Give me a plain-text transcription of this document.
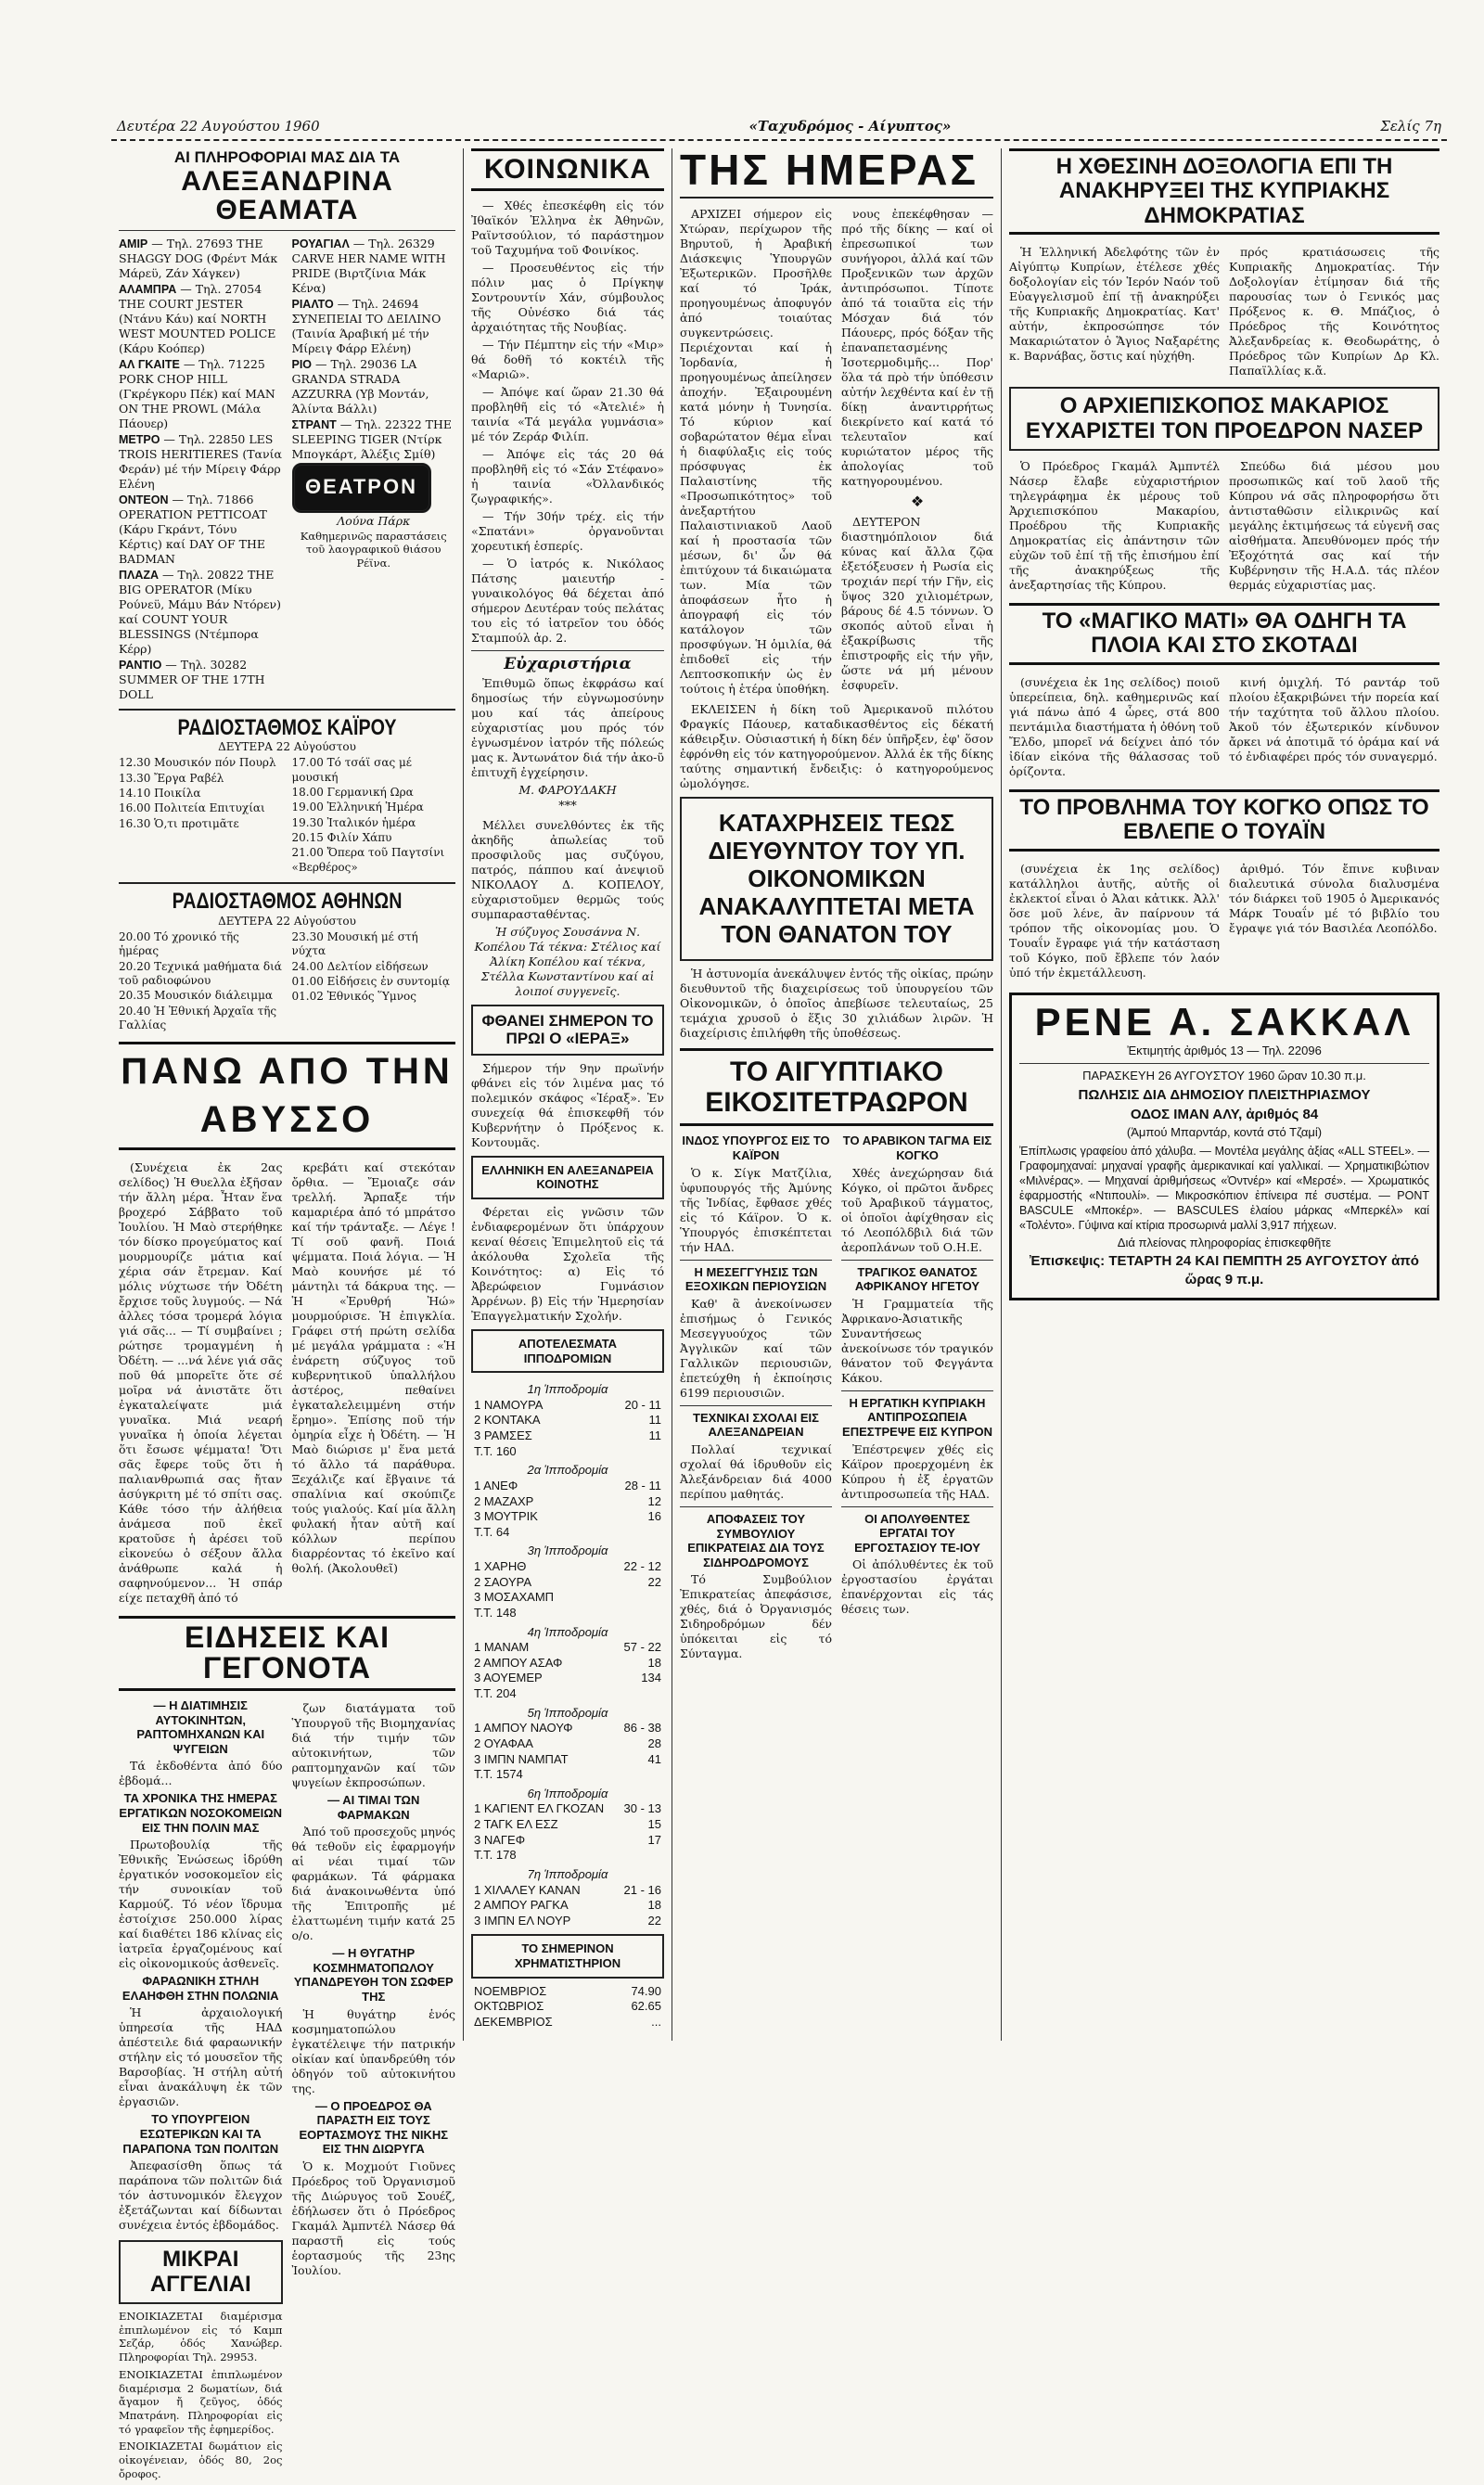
Δευτέρα 22 Αυγούστου 1960	«Ταχυδρόμος - Αίγυπτος»	Σελίς 7η
ΑΙ ΠΛΗΡΟΦΟΡΙΑΙ ΜΑΣ ΔΙΑ ΤΑ
ΑΛΕΞΑΝΔΡΙΝΑ ΘΕΑΜΑΤΑ
ΑΜΙΡ — Τηλ. 27693 THE SHAGGY DOG (Φρέντ Μάκ Μάρεϋ, Ζάν Χάγκεν)
ΑΛΑΜΠΡΑ — Τηλ. 27054 THE COURT JESTER (Ντάνυ Κάυ) καί NORTH WEST MOUNTED POLICE (Κάρυ Κοόπερ)
ΑΛ ΓΚΑΙΤΕ — Τηλ. 71225 PORK CHOP HILL (Γκρέγκορυ Πέκ) καί MAN ON THE PROWL (Μάλα Πάουερ)
ΜΕΤΡΟ — Τηλ. 22850 LES TROIS HERITIERES (Τανία Φεράν) μέ τήν Μίρειγ Φάρρ Ελένη
ΟΝΤΕΟΝ — Τηλ. 71866 OPERATION PETTICOAT (Κάρυ Γκράντ, Τόνυ Κέρτις) καί DAY OF THE BADMAN
ΠΛΑΖΑ — Τηλ. 20822 THE BIG OPERATOR (Μίκυ Ρούνεϋ, Μάμυ Βάν Ντόρεν) καί COUNT YOUR BLESSINGS (Ντέμπορα Κέρρ)
ΡΑΝΤΙΟ — Τηλ. 30282 SUMMER OF THE 17TH DOLL
ΡΟΥΑΓΙΑΛ — Τηλ. 26329 CARVE HER NAME WITH PRIDE (Βιρτζίνια Μάκ Κένα)
ΡΙΑΛΤΟ — Τηλ. 24694 ΣΥΝΕΠΕΙΑΙ ΤΟ ΔΕΙΛΙΝΟ (Ταινία Άραβική μέ τήν Μίρειγ Φάρρ Ελένη)
ΡΙΟ — Τηλ. 29036 LA GRANDA STRADA AZZURRA (Υβ Μοντάν, Άλίντα Βάλλι)
ΣΤΡΑΝΤ — Τηλ. 22322 THE SLEEPING TIGER (Ντίρκ Μπογκάρτ, Άλέξις Σμίθ)
ΘΕΑΤΡΟΝ
Λούνα Πάρκ
Καθημερινῶς παραστάσεις τοῦ λαογραφικοῦ θιάσου Ρέϊνα.
ΡΑΔΙΟΣΤΑΘΜΟΣ ΚΑΪΡΟΥ
ΔΕΥΤΕΡΑ 22 Αὐγούστου
12.30 Μουσικόν πόν Πουρλ
13.30 Ἔργα Ραβέλ
14.10 Ποικίλα
16.00 Πολιτεία Επιτυχίαι
16.30 Ὁ,τι προτιμᾶτε
17.00 Τό τσάϊ σας μέ μουσική
18.00 Γερμανική Ωρα
19.00 Ἑλληνική Ἡμέρα
19.30 Ἰταλικόν ἡμέρα
20.15 Φιλίν Χάπυ
21.00 Ὄπερα τοῦ Παγτσίνι «Βερθέρος»
ΡΑΔΙΟΣΤΑΘΜΟΣ ΑΘΗΝΩΝ
ΔΕΥΤΕΡΑ 22 Αὐγούστου
20.00 Τό χρονικό τῆς ἡμέρας
20.20 Τεχνικά μαθήματα διά τοῦ ραδιοφώνου
20.35 Μουσικόν διάλειμμα
20.40 Ἡ Ἐθνική Ἀρχαῖα τῆς Γαλλίας
23.30 Μουσική μέ στή νύχτα
24.00 Δελτίον εἰδήσεων
01.00 Εἰδήσεις ἐν συντομίᾳ
01.02 Ἐθνικός Ὕμνος
ΠΑΝΩ ΑΠΟ ΤΗΝ ΑΒΥΣΣΟ

(Συνέχεια ἐκ 2ας σελίδος) Ἡ Θυελλα ἐξῆσαν τήν ἄλλη μέρα. Ἦταν ἕνα βροχερό Σάββατο τοῦ Ἰουλίου. Ἡ Μαὸ στερήθηκε τόν δίσκο προγεύματος καί μουρμουρίζε μάτια καί χέρια σάν ἔτρεμαν. Καί μόλις νύχτωσε τήν Ὀδέτη ἔρχισε τοῦς λυγμούς. — Νά ἀλλες τόσα τρομερά λόγια γιά σᾶς... — Τί συμβαίνει ; ρώτησε τρομαγμένη ἡ Ὀδέτη. — ...νά λένε γιά σᾶς ποῦ θά μπορεῖτε ὅτε σέ μοῖρα νά ἀνιστᾶτε ὅτι ἐγκαταλείψατε μιά γυναῖκα. Μιά νεαρή γυναῖκα ἡ ὁποία λέγεται ὅτι ἔσωσε ψέμματα! Ὅτι σᾶς ἔφερε τοῦς ὅτι ἡ παλιανθρωπιά σας ἤταν ἀσύγκριτη μέ τό σπίτι σας. Κάθε τόσο τήν ἀλήθεια ἀνάμεσα ποῦ ἐκεῖ κρατοῦσε ἡ ἀρέσει τοῦ εἰκονεύω ὁ σέξουν ἄλλα ἀνάθρωπε καλά ἡ σαφηνούμενον... Ἡ σπάρ είχε πεταχθῆ ἀπό τό

κρεβάτι καί στεκόταν ὄρθια. — Ἔμοιαζε σάν τρελλή. Ἄρπαξε τήν καμαριέρα ἀπό τό μπράτσο καί τήν τράνταξε. — Λέγε ! Τί σοῦ φανῆ. Ποιά ψέμματα. Ποιά λόγια. — Ἡ Μαὸ κουνήσε μέ τό μάντηλι τά δάκρυα της. — Ἡ «Ἐρυθρή Ἠώ» μουρμούρισε. Ἡ ἐπιγκλία. Γράφει στή πρώτη σελίδα μέ μεγάλα γράμματα : «Ἡ ἐνάρετη σύζυγος τοῦ κυβερνητικοῦ ὑπαλλήλου ἀστέρος, πεθαίνει ἐγκαταλελειμμένη στήν ἔρημο». Ἐπίσης ποῦ τήν ὀμηρία εἶχε ἡ Ὀδέτη. — Ἡ Μαὸ διώρισε μ' ἕνα μετά τό ἄλλο τά παράθυρα. Ξεχάλιζε καί ἔβγαινε τά σπαλίνια καί σκούπιζε τούς γιαλούς. Καί μία ἄλλη φυλακή ἦταν αὐτῆ καί κόλλων περίπου διαρρέοντας τό ἐκεῖνο καί θολή. (Ἀκολουθεῖ)

ΕΙΔΗΣΕΙΣ ΚΑΙ ΓΕΓΟΝΟΤΑ
— Η ΔΙΑΤΙΜΗΣΙΣ ΑΥΤΟΚΙΝΗΤΩΝ, ΡΑΠΤΟΜΗΧΑΝΩΝ ΚΑΙ ΨΥΓΕΙΩΝ

Τά ἐκδοθέντα ἀπό δύο ἐβδομά...

ΤΑ ΧΡΟΝΙΚΑ ΤΗΣ ΗΜΕΡΑΣ
ΕΡΓΑΤΙΚΩΝ ΝΟΣΟΚΟΜΕΙΩΝ ΕΙΣ ΤΗΝ ΠΟΛΙΝ ΜΑΣ

Πρωτοβουλίᾳ τῆς Ἐθνικῆς Ἐνώσεως ἱδρύθη ἐργατικόν νοσοκομεῖον εἰς τήν συνοικίαν τοῦ Καρμούζ. Τό νέον ἵδρυμα ἐστοίχισε 250.000 λίρας καί διαθέτει 186 κλίνας εἰς ἰατρεῖα ἐργαζομένους καί εἰς οἰκονομικούς ἀσθενεῖς.

ΦΑΡΑΩΝΙΚΗ ΣΤΗΛΗ ΕΛΑΗΦΘΗ ΣΤΗΝ ΠΟΛΩΝΙΑ

Ἡ ἀρχαιολογική ὑπηρεσία τῆς ΗΑΔ ἀπέστειλε διά φαραωνικήν στήλην εἰς τό μουσεῖον τῆς Βαρσοβίας. Ἡ στήλη αὐτή εἶναι ἀνακάλυψη ἐκ τῶν ἐργασιῶν.

ΤΟ ΥΠΟΥΡΓΕΙΟΝ ΕΣΩΤΕΡΙΚΩΝ ΚΑΙ ΤΑ ΠΑΡΑΠΟΝΑ ΤΩΝ ΠΟΛΙΤΩΝ

Ἀπεφασίσθη ὅπως τά παράπονα τῶν πολιτῶν διά τόν ἀστυνομικόν ἔλεγχον ἐξετάζωνται καί δίδωνται συνέχεια ἐντός ἑβδομάδος.

ΜΙΚΡΑΙ ΑΓΓΕΛΙΑΙ

ΕΝΟΙΚΙΑΖΕΤΑΙ διαμέρισμα ἐπιπλωμένον εἰς τό Καμπ Σεζάρ, ὁδός Χανώβερ. Πληροφορίαι Τηλ. 29953.

ΕΝΟΙΚΙΑΖΕΤΑΙ ἐπιπλωμένον διαμέρισμα 2 δωματίων, διά ἄγαμον ἤ ζεῦγος, ὁδός Μπατράνη. Πληροφορίαι εἰς τό γραφεῖον τῆς ἐφημερίδος.

ΕΝΟΙΚΙΑΖΕΤΑΙ δωμάτιον εἰς οἰκογένειαν, ὁδός 80, 2ος ὄροφος.

ζων διατάγματα τοῦ Ὑπουργοῦ τῆς Βιομηχανίας διά τήν τιμήν τῶν αὐτοκινήτων, τῶν ραπτομηχανῶν καί τῶν ψυγείων ἐκπροσώπων.

— ΑΙ ΤΙΜΑΙ ΤΩΝ ΦΑΡΜΑΚΩΝ

Ἀπό τοῦ προσεχοῦς μηνός θά τεθοῦν εἰς ἐφαρμογήν αἱ νέαι τιμαί τῶν φαρμάκων. Τά φάρμακα διά ἀνακοινωθέντα ὑπό τῆς Ἐπιτροπῆς μέ ἐλαττωμένη τιμήν κατά 25 ο/ο.

— Η ΘΥΓΑΤΗΡ ΚΟΣΜΗΜΑΤΟΠΩΛΟΥ ΥΠΑΝΔΡΕΥΘΗ ΤΟΝ ΣΩΦΕΡ ΤΗΣ

Ἡ θυγάτηρ ἑνός κοσμηματοπώλου ἐγκατέλειψε τήν πατρικήν οἰκίαν καί ὑπανδρεύθη τόν ὁδηγόν τοῦ αὐτοκινήτου της.

— Ο ΠΡΟΕΔΡΟΣ ΘΑ ΠΑΡΑΣΤΗ ΕΙΣ ΤΟΥΣ ΕΟΡΤΑΣΜΟΥΣ ΤΗΣ ΝΙΚΗΣ ΕΙΣ ΤΗΝ ΔΙΩΡΥΓΑ

Ὁ κ. Μοχμούτ Γιοῦνες Πρόεδρος τοῦ Ὀργανισμοῦ τῆς Διώρυγος τοῦ Σουέζ, ἐδήλωσεν ὅτι ὁ Πρόεδρος Γκαμάλ Ἀμπντέλ Νάσερ θά παραστῆ εἰς τούς ἑορτασμούς τῆς 23ης Ἰουλίου.

ΚΟΙΝΩΝΙΚΑ

— Χθές ἐπεσκέφθη εἰς τόν Ἰθαϊκόν Ἑλληνα ἐκ Ἀθηνῶν, Ραϊντσούλιον, τό παράστημον τοῦ Ταχυμήνα τοῦ Φοινίκος.

— Προσευθέντος εἰς τήν πόλιν μας ὁ Πρίγκηψ Σοντρουντίν Χάν, σύμβουλος τῆς Οὐνέσκο διά τάς ἀρχαιότητας τῆς Νουβίας.

— Τήν Πέμπτην εἰς τήν «Μιρ» θά δοθῆ τό κοκτέιλ τῆς «Μαριῶ».

— Ἀπόψε καί ὥραν 21.30 θά προβληθῆ εἰς τό «Ἀτελιέ» ἡ ταινία «Τά μεγάλα γυμνάσια» μέ τόν Ζεράρ Φιλίπ.

— Ἀπόψε εἰς τάς 20 θά προβληθῆ εἰς τό «Σάν Στέφανο» ἡ ταινία «Ὀλλανδικός ζωγραφικής».

— Τήν 30ήν τρέχ. εἰς τήν «Σπατάνι» ὀργανοῦνται χορευτική ἑσπερίς.

— Ὁ ἰατρός κ. Νικόλαος Πάτσης μαιευτήρ - γυναικολόγος θά δέχεται ἀπό σήμερον Δευτέραν τούς πελάτας του εἰς τό ἰατρεῖον του ὁδός Σταμπούλ ἀρ. 2.

Εὐχαριστήρια

Ἐπιθυμῶ ὅπως ἐκφράσω καί δημοσίως τήν εὐγνωμοσύνην μου καί τάς ἀπείρους εὐχαριστίας μου πρός τόν ἐγνωσμένον ἰατρόν τῆς πόλεώς μας κ. Ἀντωνάτον διά τήν ἀκο-ῦ ἐπιτυχῆ ἐγχείρησιν.

Μ. ΦΑΡΟΥΔΑΚΗ
***

Μέλλει συνελθόντες ἐκ τῆς ἀκηδῆς ἀπωλείας τοῦ προσφιλοῦς μας συζύγου, πατρός, πάππου καί ἀνεψιοῦ ΝΙΚΟΛΑΟΥ Δ. ΚΟΠΕΛΟΥ, εὐχαριστοῦμεν θερμῶς τούς συμπαρασταθέντας.

Ἡ σύζυγος Σουσάννα Ν. Κοπέλου Τά τέκνα: Στέλιος καί Ἀλίκη Κοπέλου καί τέκνα, Στέλλα Κωνσταντίνου καί αἱ λοιποί συγγενεῖς.
ΦΘΑΝΕΙ ΣΗΜΕΡΟΝ ΤΟ ΠΡΩΙ Ο «ΙΕΡΑΞ»

Σήμερον τήν 9ην πρωϊνήν φθάνει εἰς τόν λιμένα μας τό πολεμικόν σκάφος «Ἱέραξ». Ἐν συνεχείᾳ θά ἐπισκεφθῆ τόν Κυβερνήτην ὁ Πρόξενος κ. Κοντουμᾶς.

ΕΛΛΗΝΙΚΗ ΕΝ ΑΛΕΞΑΝΔΡΕΙΑ ΚΟΙΝΟΤΗΣ

Φέρεται εἰς γνῶσιν τῶν ἐνδιαφερομένων ὅτι ὑπάρχουν κεναί θέσεις Ἐπιμελητοῦ εἰς τά ἀκόλουθα Σχολεῖα τῆς Κοινότητος: α) Εἰς τό Ἀβερώφειον Γυμνάσιον Ἀρρένων. β) Εἰς τήν Ἡμερησίαν Ἐπαγγελματικήν Σχολήν.

ΑΠΟΤΕΛΕΣΜΑΤΑ ΙΠΠΟΔΡΟΜΙΩΝ
1η Ἱπποδρομία	
1 ΝΑΜΟΥΡΑ	20 - 11
2 ΚΟΝΤΑΚΑ	11
3 ΡΑΜΣΕΣ	11
Τ.Τ. 160	
2α Ἱπποδρομία	
1 ΑΝΕΦ	28 - 11
2 ΜΑΖΑΧΡ	12
3 ΜΟΥΤΡΙΚ	16
Τ.Τ. 64	
3η Ἱπποδρομία	
1 ΧΑΡΗΘ	22 - 12
2 ΣΑΟΥΡΑ	22
3 ΜΟΣΑΧΑΜΠ	
Τ.Τ. 148	
4η Ἱπποδρομία	
1 ΜΑΝΑΜ	57 - 22
2 ΑΜΠΟΥ ΑΣΑΦ	18
3 ΑΟΥΕΜΕΡ	134
Τ.Τ. 204	
5η Ἱπποδρομία	
1 ΑΜΠΟΥ ΝΑΟΥΦ	86 - 38
2 ΟΥΑΦΑΑ	28
3 ΙΜΠΝ ΝΑΜΠΑΤ	41
Τ.Τ. 1574	
6η Ἱπποδρομία	
1 ΚΑΓΙΕΝΤ ΕΛ ΓΚΟΖΑΝ	30 - 13
2 ΤΑΓΚ ΕΛ ΕΣΖ	15
3 ΝΑΓΕΦ	17
Τ.Τ. 178	
7η Ἱπποδρομία	
1 ΧΙΛΑΛΕΥ ΚΑΝΑΝ	21 - 16
2 ΑΜΠΟΥ ΡΑΓΚΑ	18
3 ΙΜΠΝ ΕΛ ΝΟΥΡ	22
ΤΟ ΣΗΜΕΡΙΝΟΝ ΧΡΗΜΑΤΙΣΤΗΡΙΟΝ
ΝΟΕΜΒΡΙΟΣ	74.90
ΟΚΤΩΒΡΙΟΣ	62.65
ΔΕΚΕΜΒΡΙΟΣ	...
ΤΗΣ ΗΜΕΡΑΣ

ΑΡΧΙΖΕΙ σήμερον εἰς Χτώραν, περίχωρον τῆς Βηρυτοῦ, ἡ Ἀραβική Διάσκεψις Ὑπουργῶν Ἐξωτερικῶν. Προσῆλθε καί τό Ἰράκ, προηγουμένως ἀποφυγόν ἀπό τοιαύτας συγκεντρώσεις. Περιέχονται καί ἡ Ἰορδανία, ἡ προηγουμένως ἀπείλησεν ἀποχήν. Ἐξαιρουμένη κατά μόνην ἡ Τυνησία. Τό κύριον καί σοβαρώτατον θέμα εἶναι ἡ διαφύλαξις εἰς τούς πρόσφυγας ἐκ Παλαιστίνης τῆς «Προσωπικότητος» τοῦ ἀνεξαρτήτου Παλαιστινιακοῦ Λαοῦ καί ἡ προστασία τῶν μέσων, δι' ὧν θά ἐπιτύχουν τά δικαιώματα των. Μία τῶν ἀποφάσεων ἦτο ἡ ἀπογραφή εἰς τόν κατάλογον τῶν προσφύγων. Ἡ ὁμιλία, θά ἐπιδοθεῖ εἰς τήν Λεπτοσκοπικήν ὡς ἐν τούτοις ἡ ἑτέρα ὑποθήκη.

νους ἐπεκέφθησαν — πρό τῆς δίκης — καί οἱ ἐπρεσωπικοί των συνήγοροι, ἀλλά καί τῶν Προξενικῶν των ἀρχῶν ἀντιπρόσωποι. Τίποτε ἀπό τά τοιαῦτα εἰς τήν Μόσχαν διά τόν Πάουερς, πρός δόξαν τῆς ἐπαναπετασμένης Ἰσοτερμοδιμῆς... Πορ' ὅλα τά πρὸ τήν ὑπόθεσιν αὐτήν λεχθέντα καί ἐν τῇ δίκῃ ἀναντιρρήτως διεκρίνετο καί κατά τό τελευταῖον καί κυριώτατον μέρος τῆς ἀπολογίας τοῦ κατηγορουμένου.

❖

ΔΕΥΤΕΡΟΝ διαστημόπλοιον διά κύνας καί ἄλλα ζῷα ἐξετόξευσεν ἡ Ρωσία εἰς τροχιάν περί τήν Γῆν, εἰς ὕψος 320 χιλιομέτρων, βάρους δέ 4.5 τόννων. Ὁ σκοπός αὐτοῦ εἶναι ἡ ἐξακρίβωσις τῆς ἐπιστροφῆς εἰς τήν γῆν, ὥστε νά μή μένουν ἐσφυρεῖν.

ΕΚΛΕΙΣΕΝ ἡ δίκη τοῦ Ἀμερικανοῦ πιλότου Φραγκίς Πάουερ, καταδικασθέντος εἰς δέκατή κάθειρξιν. Οὐσιαστική ἡ δίκη δέν ὑπῆρξεν, ἐφ' ὅσον ἐφρόνθη εἰς τόν κατηγορούμενον. Ἀλλά ἐκ τῆς δίκης ταύτης σημαντική ἔνδειξις: ὁ κατηγορούμενος ὠμολόγησε.

ΚΑΤΑΧΡΗΣΕΙΣ ΤΕΩΣ ΔΙΕΥΘΥΝΤΟΥ ΤΟΥ ΥΠ. ΟΙΚΟΝΟΜΙΚΩΝ ΑΝΑΚΑΛΥΠΤΕΤΑΙ ΜΕΤΑ ΤΟΝ ΘΑΝΑΤΟΝ ΤΟΥ

Ἡ ἀστυνομία ἀνεκάλυψεν ἐντός τῆς οἰκίας, πρώην διευθυντοῦ τῆς διαχειρίσεως τοῦ ὑπουργείου τῶν Οἰκονομικῶν, ὁ ὁποῖος ἀπεβίωσε τελευταίως, 25 τεμάχια χρυσοῦ ὁ ἕξις 30 χιλιάδων λιρῶν. Ἡ διαχείρισις ἐπιλήφθη τῆς ὑποθέσεως.

ΤΟ ΑΙΓΥΠΤΙΑΚΟ ΕΙΚΟΣΙΤΕΤΡΑΩΡΟΝ
ΙΝΔΟΣ ΥΠΟΥΡΓΟΣ ΕΙΣ ΤΟ ΚΑΪΡΟΝ

Ὁ κ. Σίγκ Ματζίλια, ὑφυπουργός τῆς Ἀμύνης τῆς Ἰνδίας, ἔφθασε χθές εἰς τό Κάϊρον. Ὁ κ. Ὑπουργός ἐπισκέπτεται τήν ΗΑΔ.

Η ΜΕΣΕΓΓΥΗΣΙΣ ΤΩΝ ΕΞΟΧΙΚΩΝ ΠΕΡΙΟΥΣΙΩΝ

Καθ' ἃ ἀνεκοίνωσεν ἐπισήμως ὁ Γενικός Μεσεγγυούχος τῶν Ἀγγλικῶν καί τῶν Γαλλικῶν περιουσιῶν, ἐπετεύχθη ἡ ἐκποίησις 6199 περιουσιῶν.

ΤΕΧΝΙΚΑΙ ΣΧΟΛΑΙ ΕΙΣ ΑΛΕΞΑΝΔΡΕΙΑΝ

Πολλαί τεχνικαί σχολαί θά ἱδρυθοῦν εἰς Ἀλεξάνδρειαν διά 4000 περίπου μαθητάς.

ΑΠΟΦΑΣΕΙΣ ΤΟΥ ΣΥΜΒΟΥΛΙΟΥ ΕΠΙΚΡΑΤΕΙΑΣ ΔΙΑ ΤΟΥΣ ΣΙΔΗΡΟΔΡΟΜΟΥΣ

Τό Συμβούλιον Ἐπικρατείας ἀπεφάσισε, χθές, διά ὁ Ὀργανισμός Σιδηροδρόμων δέν ὑπόκειται εἰς τό Σύνταγμα.

ΤΟ ΑΡΑΒΙΚΟΝ ΤΑΓΜΑ ΕΙΣ ΚΟΓΚΟ

Χθές ἀνεχώρησαν διά Κόγκο, οἱ πρῶτοι ἄνδρες τοῦ Ἀραβικοῦ τάγματος, οἱ ὁποῖοι ἀφίχθησαν εἰς τό Λεοπόλδβιλ διά τῶν ἀεροπλάνων τοῦ Ο.Η.Ε.

ΤΡΑΓΙΚΟΣ ΘΑΝΑΤΟΣ ΑΦΡΙΚΑΝΟΥ ΗΓΕΤΟΥ

Ἡ Γραμματεία τῆς Ἀφρικανο-Ἀσιατικῆς Συναντήσεως ἀνεκοίνωσε τόν τραγικόν θάνατον τοῦ Φεγγάντα Κάκου.

Η ΕΡΓΑΤΙΚΗ ΚΥΠΡΙΑΚΗ ΑΝΤΙΠΡΟΣΩΠΕΙΑ ΕΠΕΣΤΡΕΨΕ ΕΙΣ ΚΥΠΡΟΝ

Ἐπέστρεψεν χθές εἰς Κάϊρον προερχομένη ἐκ Κύπρου ἡ ἐξ ἐργατῶν ἀντιπροσωπεία τῆς ΗΑΔ.

ΟΙ ΑΠΟΛΥΘΕΝΤΕΣ ΕΡΓΑΤΑΙ ΤΟΥ ΕΡΓΟΣΤΑΣΙΟΥ ΤΕ-ΙΟΥ

Οἱ ἀπόλυθέντες ἐκ τοῦ ἐργοστασίου ἐργάται ἐπανέρχονται εἰς τάς θέσεις των.

Η ΧΘΕΣΙΝΗ ΔΟΞΟΛΟΓΙΑ ΕΠΙ ΤΗ ΑΝΑΚΗΡΥΞΕΙ ΤΗΣ ΚΥΠΡΙΑΚΗΣ ΔΗΜΟΚΡΑΤΙΑΣ

Ἡ Ἑλληνική Ἀδελφότης τῶν ἐν Αἰγύπτῳ Κυπρίων, ἐτέλεσε χθές δοξολογίαν εἰς τόν Ἱερόν Ναόν τοῦ Εὐαγγελισμοῦ ἐπί τῇ ἀνακηρύξει τῆς Κυπριακῆς Δημοκρατίας. Κατ' αὐτήν, ἐκπροσώπησε τόν Μακαριώτατον ὁ Ἅγιος Ναξαρέτης κ. Βαρνάβας, ὅστις καί ηὐχήθη.

πρός κρατιάσωσεις τῆς Κυπριακῆς Δημοκρατίας. Τήν Δοξολογίαν ἐτίμησαν διά τῆς παρουσίας των ὁ Γενικός μας Πρόξενος κ. Θ. Μπάζιος, ὁ Πρόεδρος τῆς Κοινότητος Ἀλεξανδρείας κ. Θεοδωράτης, ὁ Πρόεδρος τῶν Κυπρίων Δρ Κλ. Παπαϊλλίας κ.ἄ.

Ο ΑΡΧΙΕΠΙΣΚΟΠΟΣ ΜΑΚΑΡΙΟΣ ΕΥΧΑΡΙΣΤΕΙ ΤΟΝ ΠΡΟΕΔΡΟΝ ΝΑΣΕΡ

Ὁ Πρόεδρος Γκαμάλ Ἀμπντέλ Νάσερ ἔλαβε εὐχαριστήριον τηλεγράφημα ἐκ μέρους τοῦ Ἀρχιεπισκόπου Μακαρίου, Προέδρου τῆς Κυπριακῆς Δημοκρατίας εἰς ἀπάντησιν τῶν εὐχῶν τοῦ ἐπί τῇ τῆς ἐπισήμου ἐπί τῆς ἀνακηρύξεως τῆς ἀνεξαρτησίας τῆς Κύπρου.

Σπεύδω διά μέσου μου προσωπικῶς καί τοῦ λαοῦ τῆς Κύπρου νά σᾶς πληροφορήσω ὅτι ἀντισταθῶσιν εἰλικρινῶς καί μεγάλης ἐκτιμήσεως τά εὐγενῆ σας αἰσθήματα. Ἀπευθύνομεν πρός τήν Ἐξοχότητά σας καί τήν Κυβέρνησιν τῆς Η.Α.Δ. τάς πλέον θερμάς εὐχαριστίας μας.

ΤΟ «ΜΑΓΙΚΟ ΜΑΤΙ» ΘΑ ΟΔΗΓΗ ΤΑ ΠΛΟΙΑ ΚΑΙ ΣΤΟ ΣΚΟΤΑΔΙ

(συνέχεια ἐκ 1ης σελίδος) ποιοῦ ὑπερείπεια, δηλ. καθημερινῶς καί γιά πάνω ἀπό 4 ὧρες, στά 800 πεντάμιλα διαστήματα ἡ ὀθόνη τοῦ Ἔλδο, μπορεῖ νά δείχνει ἀπό τόν ἰδίαν εἰκόνα τῆς θάλασσας τοῦ ὁρίζοντα.

κινή ὁμιχλή. Τό ραντάρ τοῦ πλοίου ἐξακριβώνει τήν πορεία καί τήν ταχύτητα τοῦ ἄλλου πλοίου. Ἀκοῦ τόν ἐξωτερικόν κίνδυνον ἄρκει νά ἀποτιμᾶ τό ὁράμα καί νά τό ἐνδιαφέρει πρός τόν συναγερμό.

ΤΟ ΠΡΟΒΛΗΜΑ ΤΟΥ ΚΟΓΚΟ ΟΠΩΣ ΤΟ ΕΒΛΕΠΕ Ο ΤΟΥΑΪΝ

(συνέχεια ἐκ 1ης σελίδος) κατάλληλοι ἀυτῆς, αὐτῆς οἱ ἐκλεκτοί εἶναι ὁ Ἀλαι κἀτικκ. Ἀλλ' ὅσε μοῦ λένε, ἂν παίρνουν τά τρόπον τῆς οἰκονομίας μου. Ὁ Τουαΐν ἔγραφε γιά τήν κατάσταση τοῦ Κόγκο, ποῦ ἔβλεπε τόν λαόν ὑπό τήν ἐκμετάλλευση.

ἀριθμό. Τόν ἔπινε κυβιναν διαλευτικά σύνολα διαλυσμένα τόν διάρκει τοῦ 1905 ὁ Ἀμερικανός Μάρκ Τουαΐν μέ τό βιβλίο του ἔγραψε γιά τόν Βασιλέα Λεοπόλδο.

ΡΕΝΕ Α. ΣΑΚΚΑΛ
Ἐκτιμητής ἀριθμός 13 — Τηλ. 22096
ΠΑΡΑΣΚΕΥΗ 26 ΑΥΓΟΥΣΤΟΥ 1960 ὥραν 10.30 π.μ.
ΠΩΛΗΣΙΣ ΔΙΑ ΔΗΜΟΣΙΟΥ ΠΛΕΙΣΤΗΡΙΑΣΜΟΥ
ΟΔΟΣ ΙΜΑΝ ΑΛΥ, ἀριθμός 84
(Ἀμπού Μπαρντάρ, κοντά στό Τζαμί)

Ἐπίπλωσις γραφείου ἀπό χάλυβα. — Μοντέλα μεγάλης ἀξίας «ALL STEEL». — Γραφομηχαναί: μηχαναί γραφῆς ἀμερικανικαί καί γαλλικαί. — Χρηματικιβώτιον «Μιλνέρας». — Μηχαναί ἀριθμήσεως «Ὀντνέρ» καί «Μερσέ». — Χρωματικός ἐφαρμοστής «Ντιπουλί». — Μικροσκόπιον ἐπίνειρα πέ συστέμα. — PONT BASCULE «Μποκέρ». — BASCULES ἐλαίου μάρκας «Μπερκέλ» καί «Τολέντο». Γύψινα καί κτίρια προσωρινά μαλλί 3,917 πήχεων.

Διά πλείονας πληροφορίας ἐπισκεφθῆτε
Ἐπισκεψις: ΤΕΤΑΡΤΗ 24 ΚΑΙ ΠΕΜΠΤΗ 25 ΑΥΓΟΥΣΤΟΥ ἀπό ὥρας 9 π.μ.
